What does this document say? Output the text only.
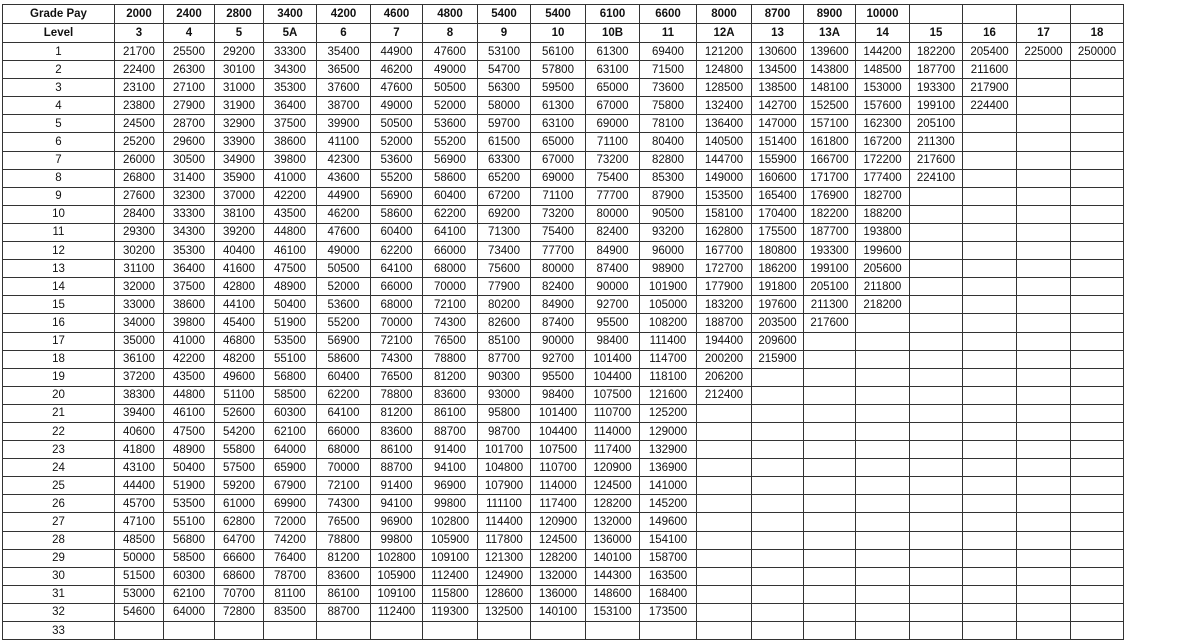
Grade Pay	2000	2400	2800	3400	4200	4600	4800	5400	5400	6100	6600	8000	8700	8900	10000				
Level	3	4	5	5A	6	7	8	9	10	10B	11	12A	13	13A	14	15	16	17	18
1	21700	25500	29200	33300	35400	44900	47600	53100	56100	61300	69400	121200	130600	139600	144200	182200	205400	225000	250000
2	22400	26300	30100	34300	36500	46200	49000	54700	57800	63100	71500	124800	134500	143800	148500	187700	211600		
3	23100	27100	31000	35300	37600	47600	50500	56300	59500	65000	73600	128500	138500	148100	153000	193300	217900		
4	23800	27900	31900	36400	38700	49000	52000	58000	61300	67000	75800	132400	142700	152500	157600	199100	224400		
5	24500	28700	32900	37500	39900	50500	53600	59700	63100	69000	78100	136400	147000	157100	162300	205100			
6	25200	29600	33900	38600	41100	52000	55200	61500	65000	71100	80400	140500	151400	161800	167200	211300			
7	26000	30500	34900	39800	42300	53600	56900	63300	67000	73200	82800	144700	155900	166700	172200	217600			
8	26800	31400	35900	41000	43600	55200	58600	65200	69000	75400	85300	149000	160600	171700	177400	224100			
9	27600	32300	37000	42200	44900	56900	60400	67200	71100	77700	87900	153500	165400	176900	182700				
10	28400	33300	38100	43500	46200	58600	62200	69200	73200	80000	90500	158100	170400	182200	188200				
11	29300	34300	39200	44800	47600	60400	64100	71300	75400	82400	93200	162800	175500	187700	193800				
12	30200	35300	40400	46100	49000	62200	66000	73400	77700	84900	96000	167700	180800	193300	199600				
13	31100	36400	41600	47500	50500	64100	68000	75600	80000	87400	98900	172700	186200	199100	205600				
14	32000	37500	42800	48900	52000	66000	70000	77900	82400	90000	101900	177900	191800	205100	211800				
15	33000	38600	44100	50400	53600	68000	72100	80200	84900	92700	105000	183200	197600	211300	218200				
16	34000	39800	45400	51900	55200	70000	74300	82600	87400	95500	108200	188700	203500	217600					
17	35000	41000	46800	53500	56900	72100	76500	85100	90000	98400	111400	194400	209600						
18	36100	42200	48200	55100	58600	74300	78800	87700	92700	101400	114700	200200	215900						
19	37200	43500	49600	56800	60400	76500	81200	90300	95500	104400	118100	206200							
20	38300	44800	51100	58500	62200	78800	83600	93000	98400	107500	121600	212400							
21	39400	46100	52600	60300	64100	81200	86100	95800	101400	110700	125200								
22	40600	47500	54200	62100	66000	83600	88700	98700	104400	114000	129000								
23	41800	48900	55800	64000	68000	86100	91400	101700	107500	117400	132900								
24	43100	50400	57500	65900	70000	88700	94100	104800	110700	120900	136900								
25	44400	51900	59200	67900	72100	91400	96900	107900	114000	124500	141000								
26	45700	53500	61000	69900	74300	94100	99800	111100	117400	128200	145200								
27	47100	55100	62800	72000	76500	96900	102800	114400	120900	132000	149600								
28	48500	56800	64700	74200	78800	99800	105900	117800	124500	136000	154100								
29	50000	58500	66600	76400	81200	102800	109100	121300	128200	140100	158700								
30	51500	60300	68600	78700	83600	105900	112400	124900	132000	144300	163500								
31	53000	62100	70700	81100	86100	109100	115800	128600	136000	148600	168400								
32	54600	64000	72800	83500	88700	112400	119300	132500	140100	153100	173500								
33																			
